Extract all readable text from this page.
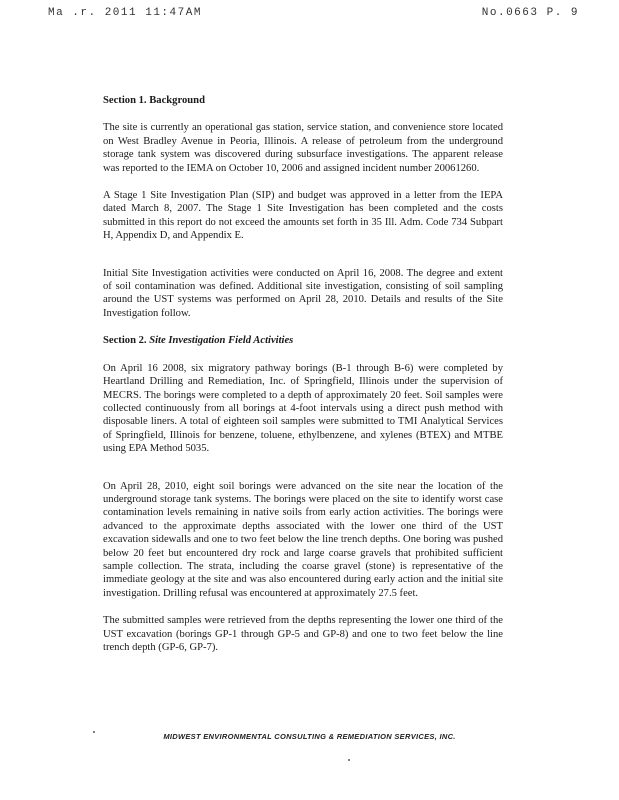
Ma .r. 2011 11:47AM	No.0663 P. 9
Section 1. Background

The site is currently an operational gas station, service station, and convenience store located on West Bradley Avenue in Peoria, Illinois. A release of petroleum from the underground storage tank system was discovered during subsurface investigations. The apparent release was reported to the IEMA on October 10, 2006 and assigned incident number 20061260.

A Stage 1 Site Investigation Plan (SIP) and budget was approved in a letter from the IEPA dated March 8, 2007. The Stage 1 Site Investigation has been completed and the costs submitted in this report do not exceed the amounts set forth in 35 Ill. Adm. Code 734 Subpart H, Appendix D, and Appendix E.

Initial Site Investigation activities were conducted on April 16, 2008. The degree and extent of soil contamination was defined. Additional site investigation, consisting of soil sampling around the UST systems was performed on April 28, 2010. Details and results of the Site Investigation follow.

Section 2. Site Investigation Field Activities

On April 16 2008, six migratory pathway borings (B-1 through B-6) were completed by Heartland Drilling and Remediation, Inc. of Springfield, Illinois under the supervision of MECRS. The borings were completed to a depth of approximately 20 feet. Soil samples were collected continuously from all borings at 4-foot intervals using a direct push method with disposable liners. A total of eighteen soil samples were submitted to TMI Analytical Services of Springfield, Illinois for benzene, toluene, ethylbenzene, and xylenes (BTEX) and MTBE using EPA Method 5035.

On April 28, 2010, eight soil borings were advanced on the site near the location of the underground storage tank systems. The borings were placed on the site to identify worst case contamination levels remaining in native soils from early action activities. The borings were advanced to the approximate depths associated with the lower one third of the UST excavation sidewalls and one to two feet below the line trench depths. One boring was pushed below 20 feet but encountered dry rock and large coarse gravels that prohibited sufficient sample collection. The strata, including the coarse gravel (stone) is representative of the immediate geology at the site and was also encountered during early action and the initial site investigation. Drilling refusal was encountered at approximately 27.5 feet.

The submitted samples were retrieved from the depths representing the lower one third of the UST excavation (borings GP-1 through GP-5 and GP-8) and one to two feet below the line trench depth (GP-6, GP-7).

MIDWEST ENVIRONMENTAL CONSULTING & REMEDIATION SERVICES, INC.
